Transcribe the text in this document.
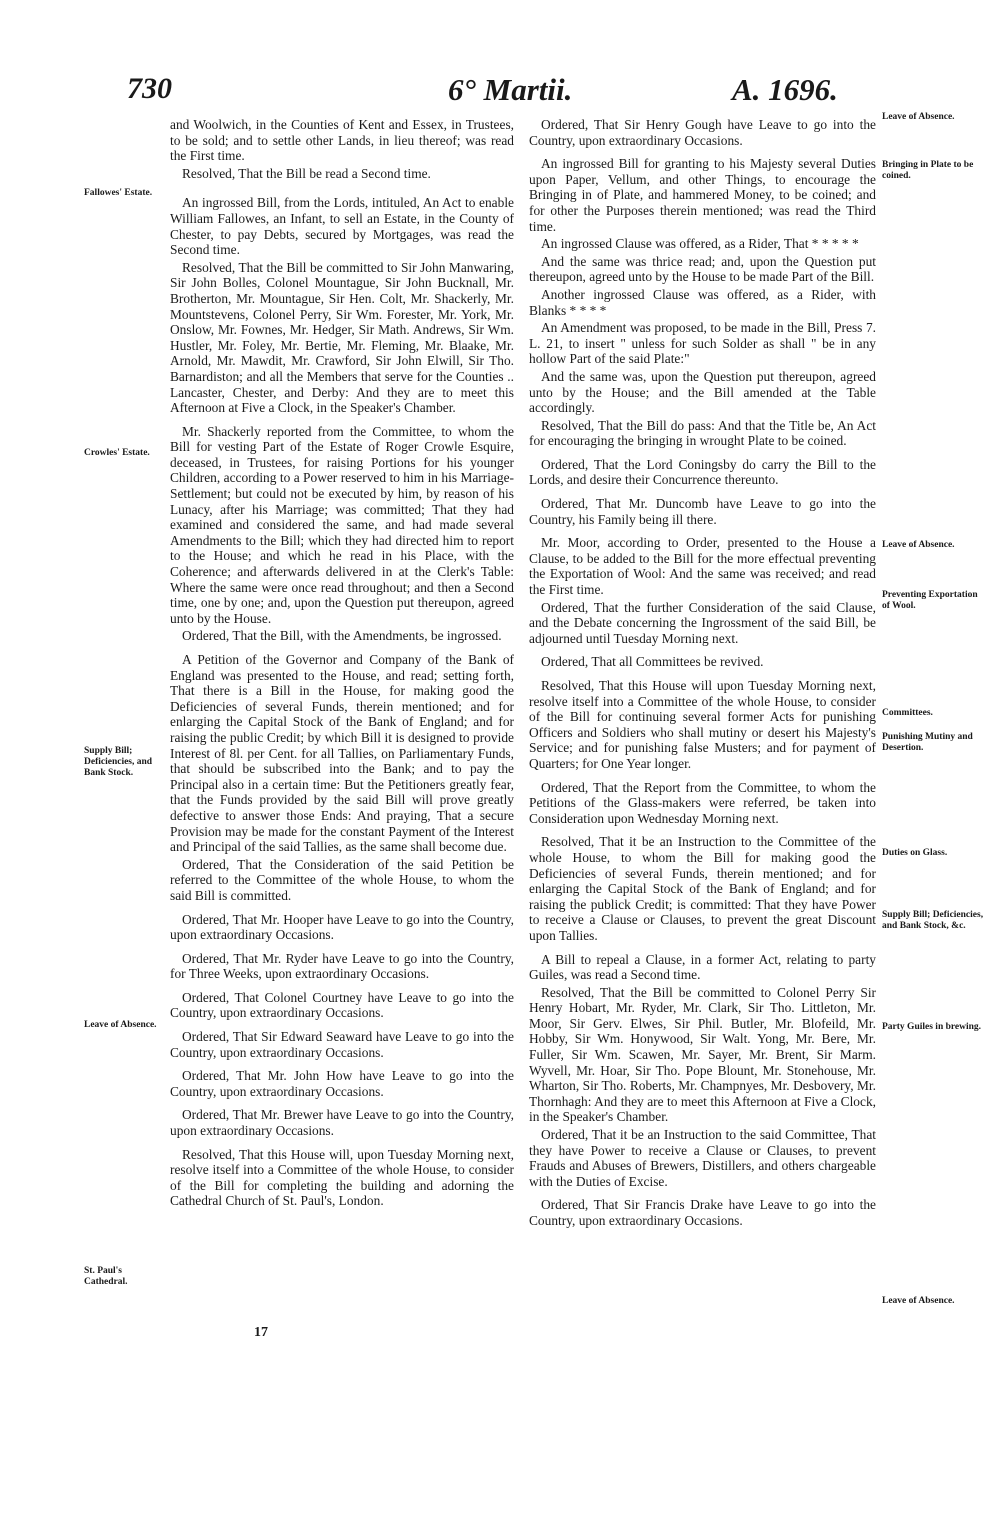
730	6° Martii.	A. 1696.

and Woolwich, in the Counties of Kent and Essex, in Trustees, to be sold; and to settle other Lands, in lieu thereof; was read the First time.

Resolved, That the Bill be read a Second time.

An ingrossed Bill, from the Lords, intituled, An Act to enable William Fallowes, an Infant, to sell an Estate, in the County of Chester, to pay Debts, secured by Mortgages, was read the Second time.

Resolved, That the Bill be committed to Sir John Manwaring, Sir John Bolles, Colonel Mountague, Sir John Bucknall, Mr. Brotherton, Mr. Mountague, Sir Hen. Colt, Mr. Shackerly, Mr. Mountstevens, Colonel Perry, Sir Wm. Forester, Mr. York, Mr. Onslow, Mr. Fownes, Mr. Hedger, Sir Math. Andrews, Sir Wm. Hustler, Mr. Foley, Mr. Bertie, Mr. Fleming, Mr. Blaake, Mr. Arnold, Mr. Mawdit, Mr. Crawford, Sir John Elwill, Sir Tho. Barnardiston; and all the Members that serve for the Counties .. Lancaster, Chester, and Derby: And they are to meet this Afternoon at Five a Clock, in the Speaker's Chamber.

Mr. Shackerly reported from the Committee, to whom the Bill for vesting Part of the Estate of Roger Crowle Esquire, deceased, in Trustees, for raising Portions for his younger Children, according to a Power reserved to him in his Marriage-Settlement; but could not be executed by him, by reason of his Lunacy, after his Marriage; was committed; That they had examined and considered the same, and had made several Amendments to the Bill; which they had directed him to report to the House; and which he read in his Place, with the Coherence; and afterwards delivered in at the Clerk's Table: Where the same were once read throughout; and then a Second time, one by one; and, upon the Question put thereupon, agreed unto by the House.

Ordered, That the Bill, with the Amendments, be ingrossed.

A Petition of the Governor and Company of the Bank of England was presented to the House, and read; setting forth, That there is a Bill in the House, for making good the Deficiencies of several Funds, therein mentioned; and for enlarging the Capital Stock of the Bank of England; and for raising the public Credit; by which Bill it is designed to provide Interest of 8l. per Cent. for all Tallies, on Parliamentary Funds, that should be subscribed into the Bank; and to pay the Principal also in a certain time: But the Petitioners greatly fear, that the Funds provided by the said Bill will prove greatly defective to answer those Ends: And praying, That a secure Provision may be made for the constant Payment of the Interest and Principal of the said Tallies, as the same shall become due.

Ordered, That the Consideration of the said Petition be referred to the Committee of the whole House, to whom the said Bill is committed.

Ordered, That Mr. Hooper have Leave to go into the Country, upon extraordinary Occasions.

Ordered, That Mr. Ryder have Leave to go into the Country, for Three Weeks, upon extraordinary Occasions.

Ordered, That Colonel Courtney have Leave to go into the Country, upon extraordinary Occasions.

Ordered, That Sir Edward Seaward have Leave to go into the Country, upon extraordinary Occasions.

Ordered, That Mr. John How have Leave to go into the Country, upon extraordinary Occasions.

Ordered, That Mr. Brewer have Leave to go into the Country, upon extraordinary Occasions.

Resolved, That this House will, upon Tuesday Morning next, resolve itself into a Committee of the whole House, to consider of the Bill for completing the building and adorning the Cathedral Church of St. Paul's, London.

Ordered, That Sir Henry Gough have Leave to go into the Country, upon extraordinary Occasions.

An ingrossed Bill for granting to his Majesty several Duties upon Paper, Vellum, and other Things, to encourage the Bringing in of Plate, and hammered Money, to be coined; and for other the Purposes therein mentioned; was read the Third time.

An ingrossed Clause was offered, as a Rider, That * * * * *

And the same was thrice read; and, upon the Question put thereupon, agreed unto by the House to be made Part of the Bill.

Another ingrossed Clause was offered, as a Rider, with Blanks * * * *

An Amendment was proposed, to be made in the Bill, Press 7. L. 21, to insert " unless for such Solder as shall " be in any hollow Part of the said Plate:"

And the same was, upon the Question put thereupon, agreed unto by the House; and the Bill amended at the Table accordingly.

Resolved, That the Bill do pass: And that the Title be, An Act for encouraging the bringing in wrought Plate to be coined.

Ordered, That the Lord Coningsby do carry the Bill to the Lords, and desire their Concurrence thereunto.

Ordered, That Mr. Duncomb have Leave to go into the Country, his Family being ill there.

Mr. Moor, according to Order, presented to the House a Clause, to be added to the Bill for the more effectual preventing the Exportation of Wool: And the same was received; and read the First time.

Ordered, That the further Consideration of the said Clause, and the Debate concerning the Ingrossment of the said Bill, be adjourned until Tuesday Morning next.

Ordered, That all Committees be revived.

Resolved, That this House will upon Tuesday Morning next, resolve itself into a Committee of the whole House, to consider of the Bill for continuing several former Acts for punishing Officers and Soldiers who shall mutiny or desert his Majesty's Service; and for punishing false Musters; and for payment of Quarters; for One Year longer.

Ordered, That the Report from the Committee, to whom the Petitions of the Glass-makers were referred, be taken into Consideration upon Wednesday Morning next.

Resolved, That it be an Instruction to the Committee of the whole House, to whom the Bill for making good the Deficiencies of several Funds, therein mentioned; and for enlarging the Capital Stock of the Bank of England; and for raising the publick Credit; is committed: That they have Power to receive a Clause or Clauses, to prevent the great Discount upon Tallies.

A Bill to repeal a Clause, in a former Act, relating to party Guiles, was read a Second time.

Resolved, That the Bill be committed to Colonel Perry Sir Henry Hobart, Mr. Ryder, Mr. Clark, Sir Tho. Littleton, Mr. Moor, Sir Gerv. Elwes, Sir Phil. Butler, Mr. Blofeild, Mr. Hobby, Sir Wm. Honywood, Sir Walt. Yong, Mr. Bere, Mr. Fuller, Sir Wm. Scawen, Mr. Sayer, Mr. Brent, Sir Marm. Wyvell, Mr. Hoar, Sir Tho. Pope Blount, Mr. Stonehouse, Mr. Wharton, Sir Tho. Roberts, Mr. Champnyes, Mr. Desbovery, Mr. Thornhagh: And they are to meet this Afternoon at Five a Clock, in the Speaker's Chamber.

Ordered, That it be an Instruction to the said Committee, That they have Power to receive a Clause or Clauses, to prevent Frauds and Abuses of Brewers, Distillers, and others chargeable with the Duties of Excise.

Ordered, That Sir Francis Drake have Leave to go into the Country, upon extraordinary Occasions.

Fallowes' Estate.
Crowles' Estate.
Supply Bill; Deficiencies, and Bank Stock.
Leave of Absence.
St. Paul's Cathedral.
Leave of Absence.
Bringing in Plate to be coined.
Leave of Absence.
Preventing Exportation of Wool.
Committees.
Punishing Mutiny and Desertion.
Duties on Glass.
Supply Bill; Deficiencies, and Bank Stock, &c.
Party Guiles in brewing.
Leave of Absence.
17
